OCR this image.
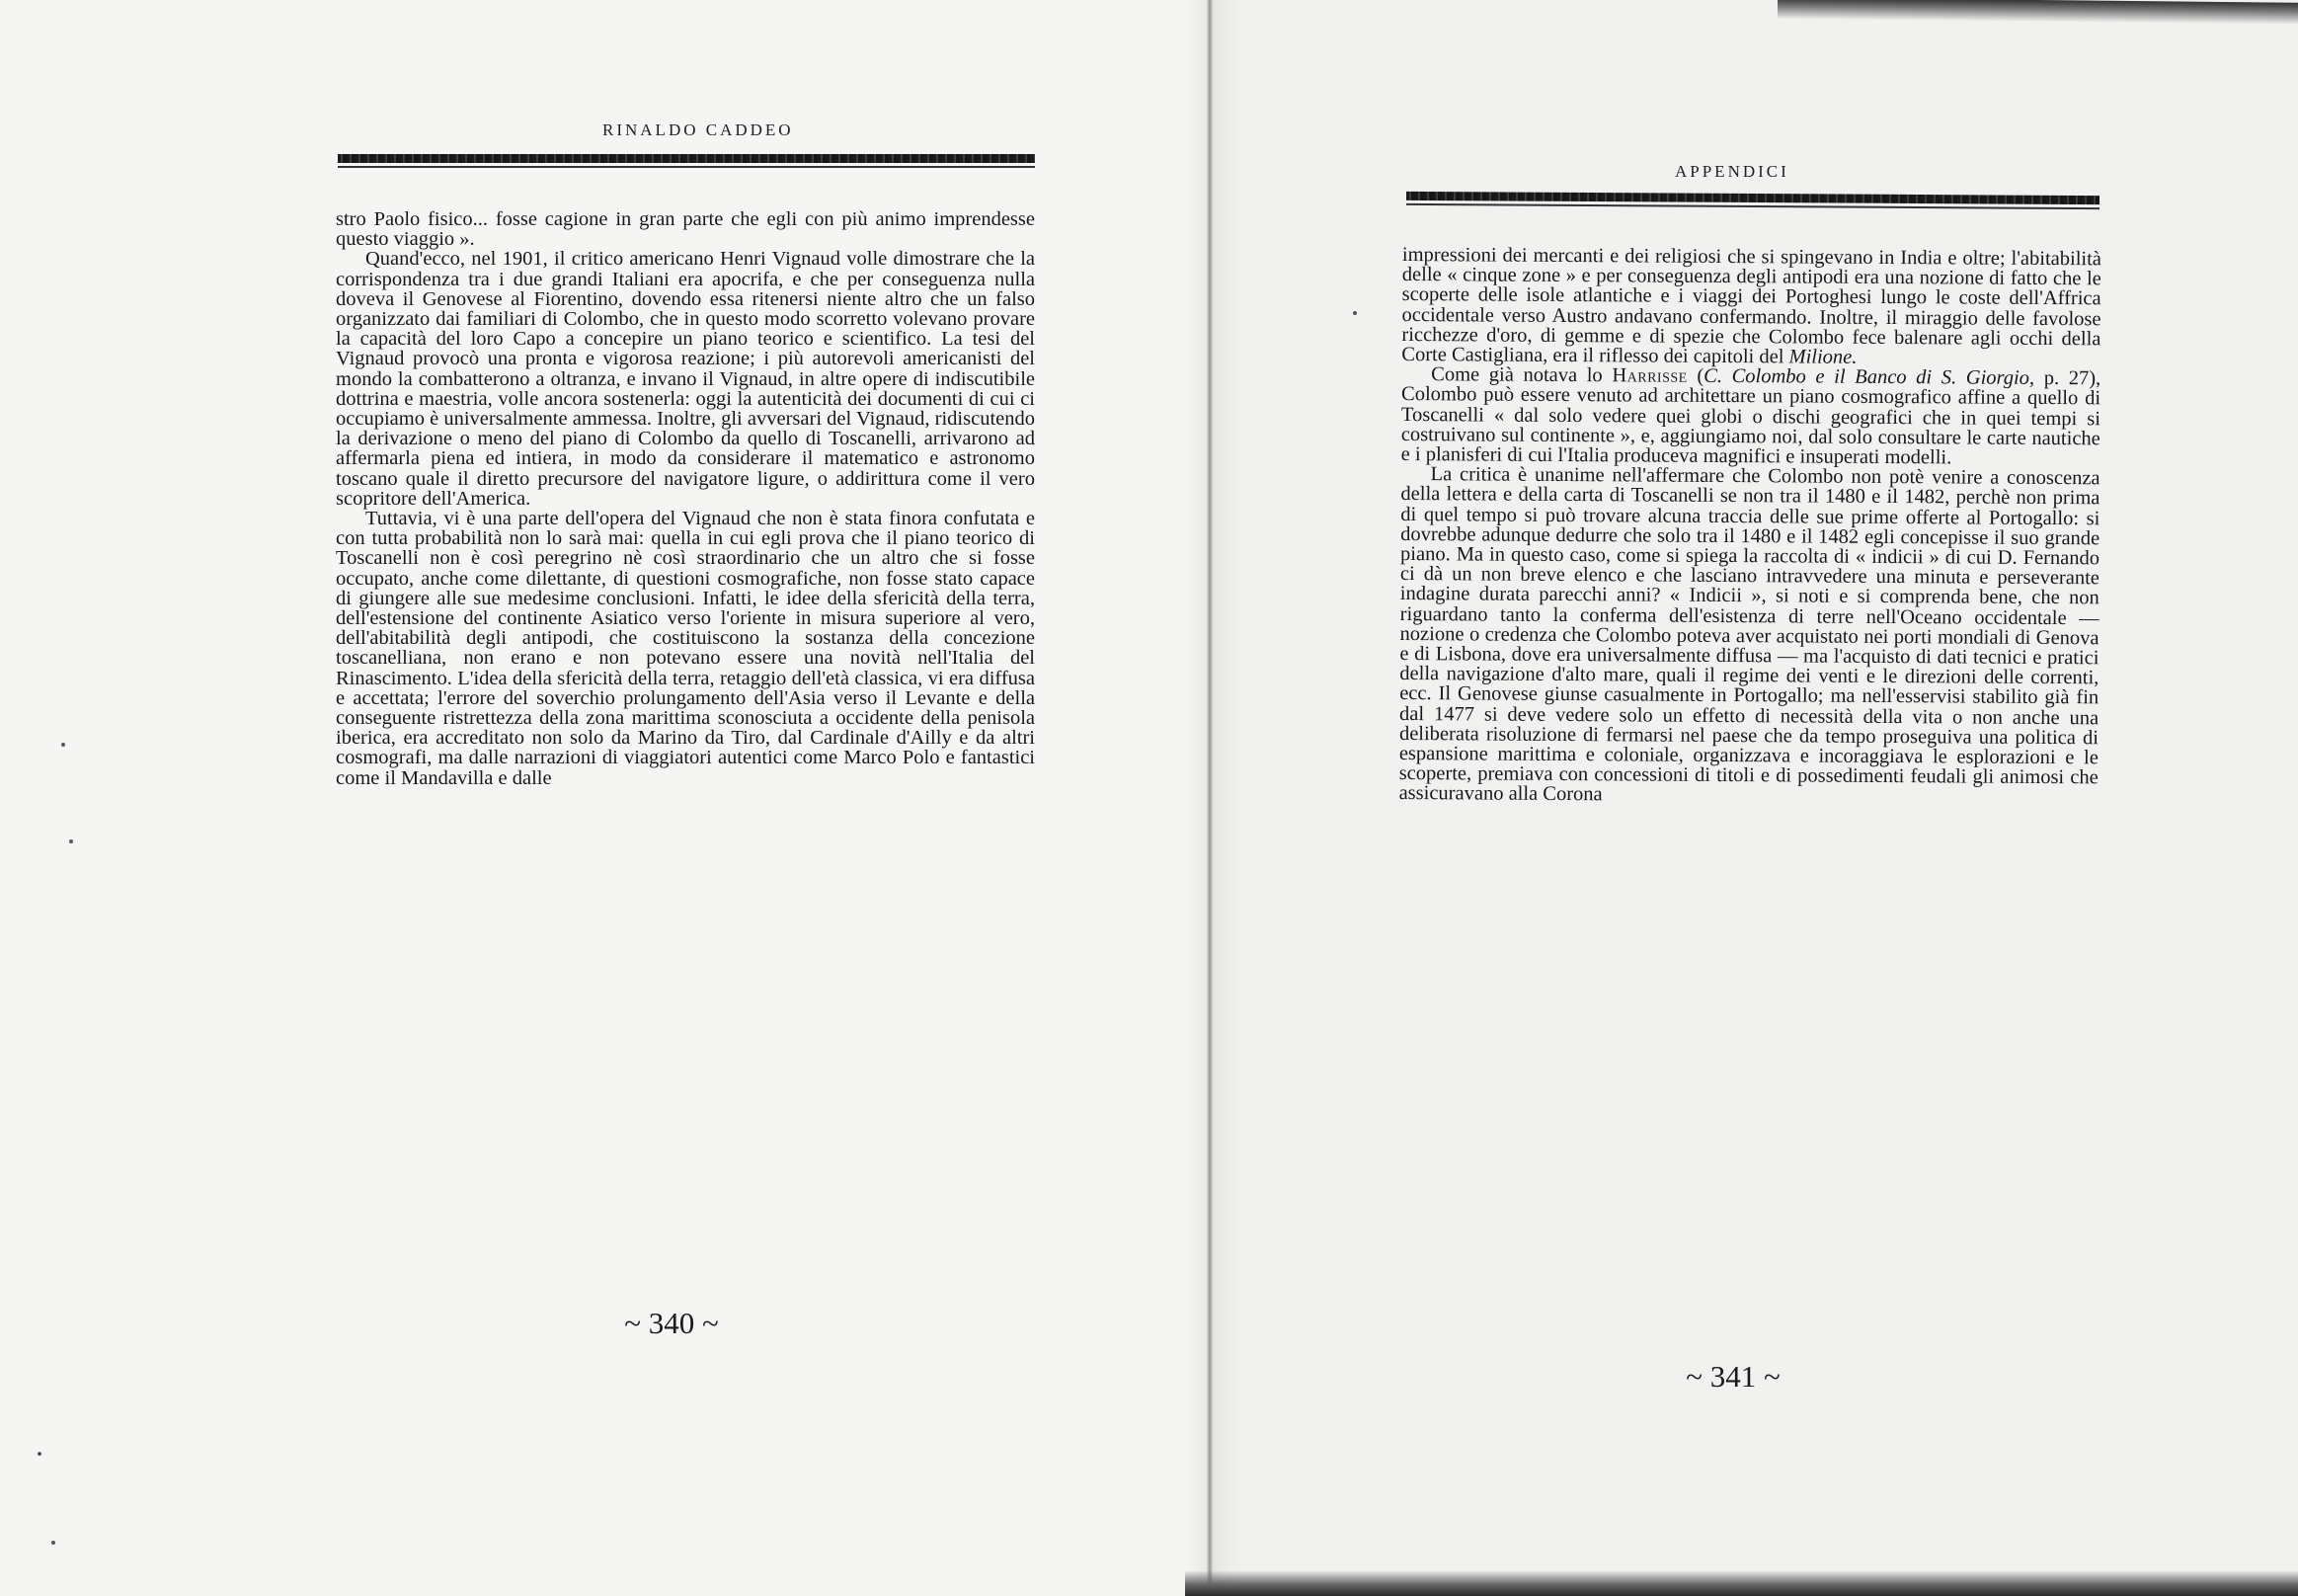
RINALDO CADDEO

stro Paolo fisico... fosse cagione in gran parte che egli con più animo imprendesse questo viaggio ».

Quand'ecco, nel 1901, il critico americano Henri Vignaud volle dimostrare che la corrispondenza tra i due grandi Italiani era apocrifa, e che per conseguenza nulla doveva il Genovese al Fiorentino, dovendo essa ritenersi niente altro che un falso organizzato dai familiari di Colombo, che in questo modo scorretto volevano provare la capacità del loro Capo a concepire un piano teorico e scientifico. La tesi del Vignaud provocò una pronta e vigorosa reazione; i più autorevoli americanisti del mondo la combatterono a oltranza, e invano il Vignaud, in altre opere di indiscutibile dottrina e maestria, volle ancora sostenerla: oggi la autenticità dei documenti di cui ci occupiamo è universalmente ammessa. Inoltre, gli avversari del Vignaud, ridiscutendo la derivazione o meno del piano di Colombo da quello di Toscanelli, arrivarono ad affermarla piena ed intiera, in modo da considerare il matematico e astronomo toscano quale il diretto precursore del navigatore ligure, o addirittura come il vero scopritore dell'America.

Tuttavia, vi è una parte dell'opera del Vignaud che non è stata finora confutata e con tutta probabilità non lo sarà mai: quella in cui egli prova che il piano teorico di Toscanelli non è così peregrino nè così straordinario che un altro che si fosse occupato, anche come dilettante, di questioni cosmografiche, non fosse stato capace di giungere alle sue medesime conclusioni. Infatti, le idee della sfericità della terra, dell'estensione del continente Asiatico verso l'oriente in misura superiore al vero, dell'abitabilità degli antipodi, che costituiscono la sostanza della concezione toscanelliana, non erano e non potevano essere una novità nell'Italia del Rinascimento. L'idea della sfericità della terra, retaggio dell'età classica, vi era diffusa e accettata; l'errore del soverchio prolungamento dell'Asia verso il Levante e della conseguente ristrettezza della zona marittima sconosciuta a occidente della penisola iberica, era accreditato non solo da Marino da Tiro, dal Cardinale d'Ailly e da altri cosmografi, ma dalle narrazioni di viaggiatori autentici come Marco Polo e fantastici come il Mandavilla e dalle

~ 340 ~
APPENDICI

impressioni dei mercanti e dei religiosi che si spingevano in India e oltre; l'abitabilità delle « cinque zone » e per conseguenza degli antipodi era una nozione di fatto che le scoperte delle isole atlantiche e i viaggi dei Portoghesi lungo le coste dell'Affrica occidentale verso Austro andavano confermando. Inoltre, il miraggio delle favolose ricchezze d'oro, di gemme e di spezie che Colombo fece balenare agli occhi della Corte Castigliana, era il riflesso dei capitoli del Milione.

Come già notava lo Harrisse (C. Colombo e il Banco di S. Giorgio, p. 27), Colombo può essere venuto ad architettare un piano cosmografico affine a quello di Toscanelli « dal solo vedere quei globi o dischi geografici che in quei tempi si costruivano sul continente », e, aggiungiamo noi, dal solo consultare le carte nautiche e i planisferi di cui l'Italia produceva magnifici e insuperati modelli.

La critica è unanime nell'affermare che Colombo non potè venire a conoscenza della lettera e della carta di Toscanelli se non tra il 1480 e il 1482, perchè non prima di quel tempo si può trovare alcuna traccia delle sue prime offerte al Portogallo: si dovrebbe adunque dedurre che solo tra il 1480 e il 1482 egli concepisse il suo grande piano. Ma in questo caso, come si spiega la raccolta di « indicii » di cui D. Fernando ci dà un non breve elenco e che lasciano intravvedere una minuta e perseverante indagine durata parecchi anni? « Indicii », si noti e si comprenda bene, che non riguardano tanto la conferma dell'esistenza di terre nell'Oceano occidentale — nozione o credenza che Colombo poteva aver acquistato nei porti mondiali di Genova e di Lisbona, dove era universalmente diffusa — ma l'acquisto di dati tecnici e pratici della navigazione d'alto mare, quali il regime dei venti e le direzioni delle correnti, ecc. Il Genovese giunse casualmente in Portogallo; ma nell'esservisi stabilito già fin dal 1477 si deve vedere solo un effetto di necessità della vita o non anche una deliberata risoluzione di fermarsi nel paese che da tempo proseguiva una politica di espansione marittima e coloniale, organizzava e incoraggiava le esplorazioni e le scoperte, premiava con concessioni di titoli e di possedimenti feudali gli animosi che assicuravano alla Corona

~ 341 ~
